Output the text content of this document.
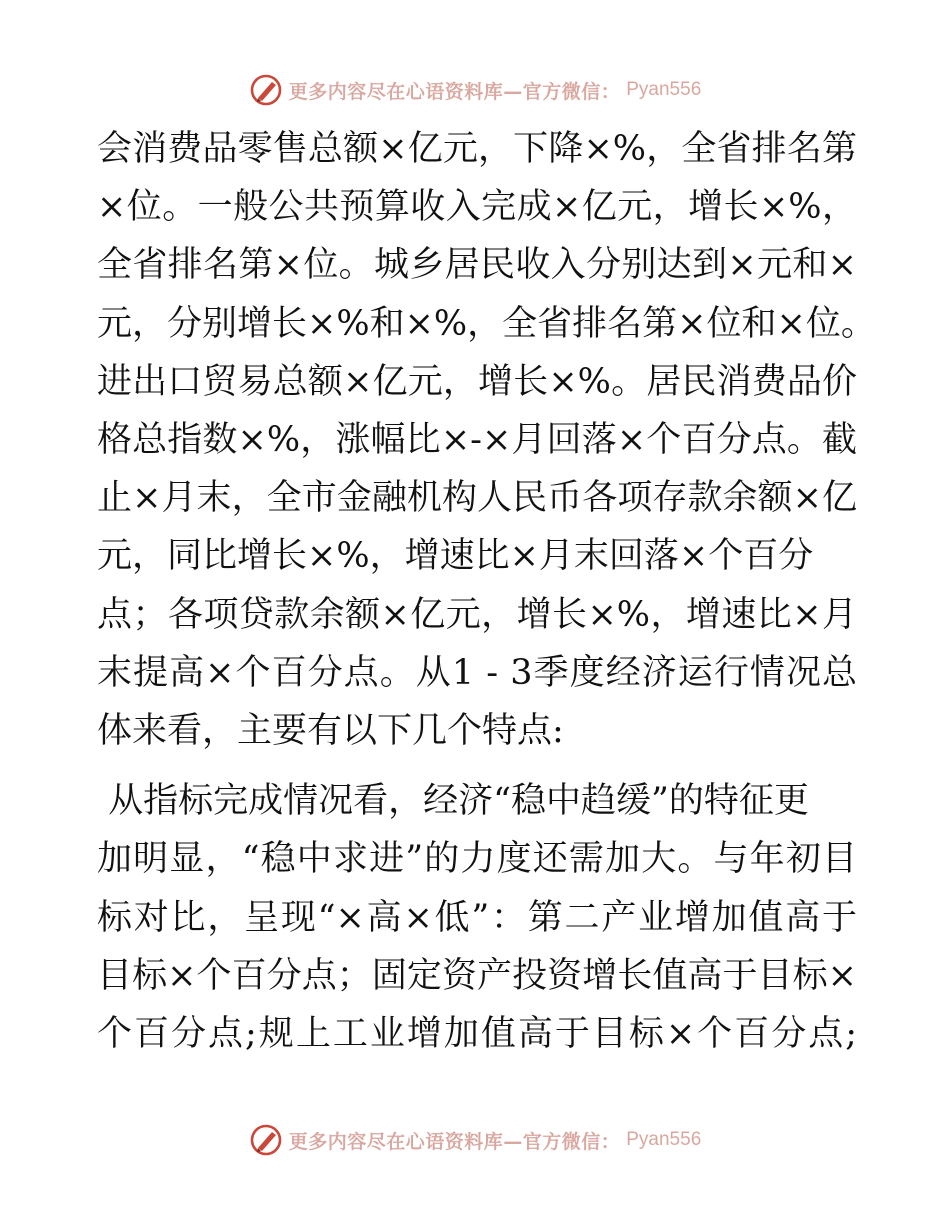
更多内容尽在心语资料库—官方微信： Pyan556

会消费品零售总额×亿元，下降×%，全省排名第
×位。一般公共预算收入完成×亿元，增长×%，
全省排名第×位。城乡居民收入分别达到×元和×
元，分别增长×%和×%，全省排名第×位和×位。
进出口贸易总额×亿元，增长×%。居民消费品价
格总指数×%，涨幅比×-×月回落×个百分点。截
止×月末，全市金融机构人民币各项存款余额×亿
元，同比增长×%，增速比×月末回落×个百分
点；各项贷款余额×亿元，增长×%，增速比×月
末提高×个百分点。从1 - 3季度经济运行情况总
体来看，主要有以下几个特点:

从指标完成情况看，经济“稳中趋缓”的特征更
加明显，“稳中求进”的力度还需加大。与年初目
标对比，呈现“×高×低”：第二产业增加值高于
目标×个百分点；固定资产投资增长值高于目标×
个百分点;规上工业增加值高于目标×个百分点;

更多内容尽在心语资料库—官方微信： Pyan556
